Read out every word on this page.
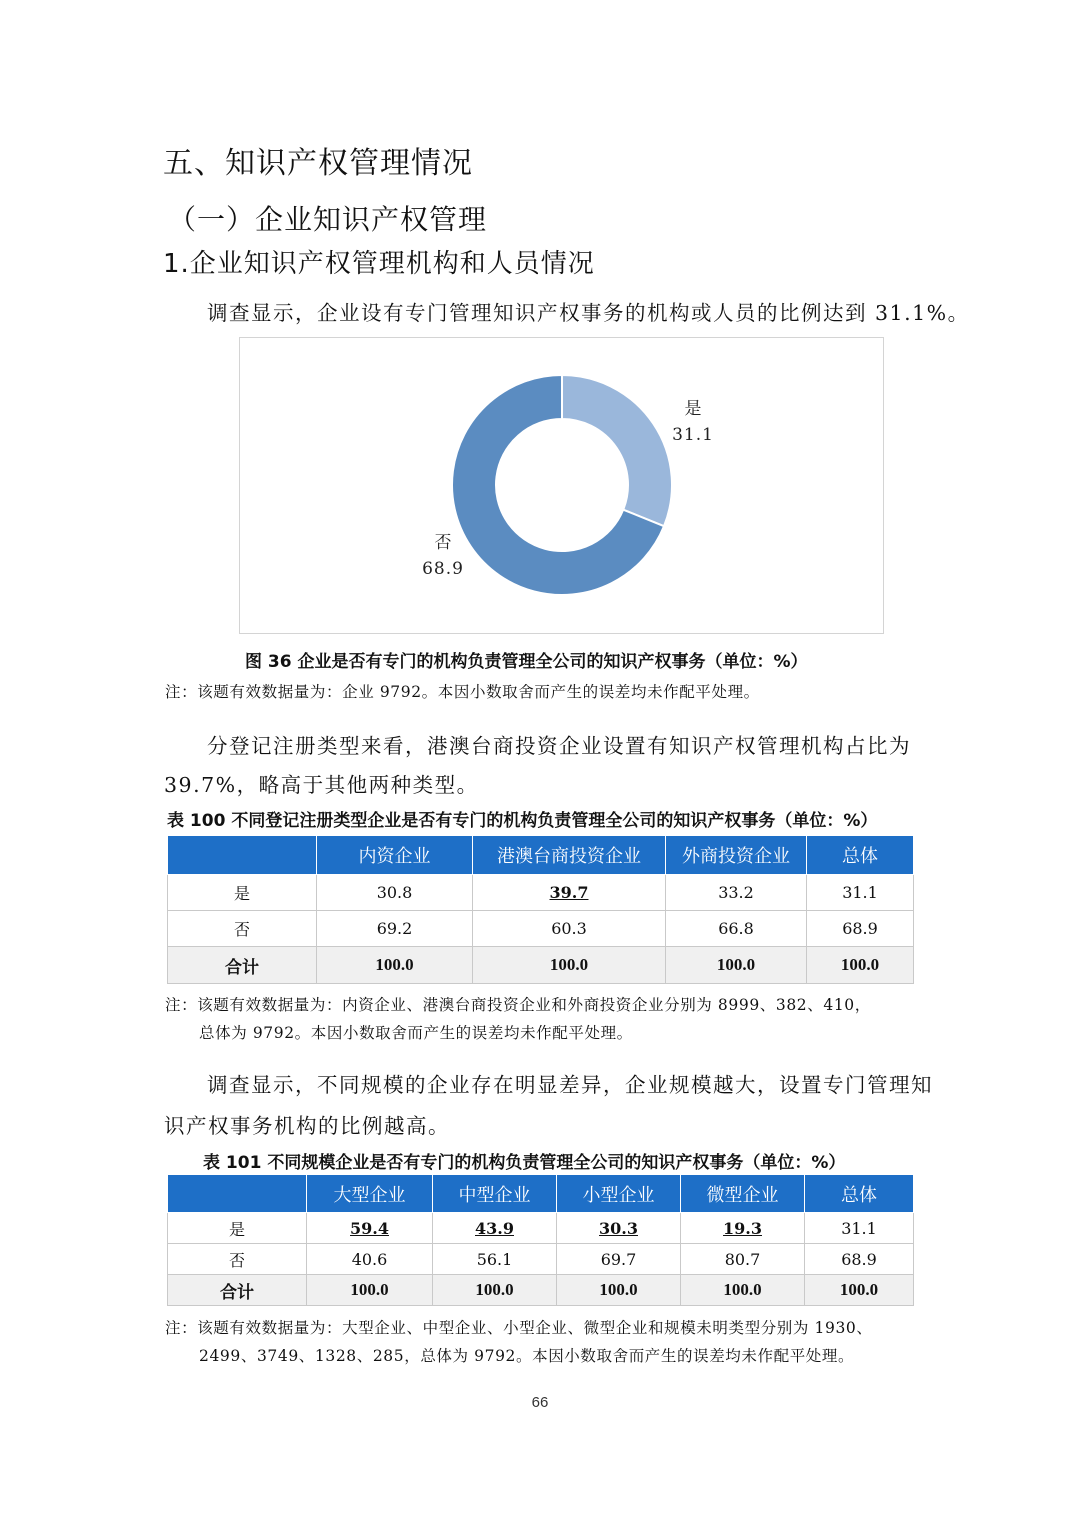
五、知识产权管理情况
（一）企业知识产权管理
1.企业知识产权管理机构和人员情况
调查显示，企业设有专门管理知识产权事务的机构或人员的比例达到 31.1%。
是
31.1
否
68.9
图 36 企业是否有专门的机构负责管理全公司的知识产权事务（单位：%）
注：该题有效数据量为：企业 9792。本因小数取舍而产生的误差均未作配平处理。
分登记注册类型来看，港澳台商投资企业设置有知识产权管理机构占比为
39.7%，略高于其他两种类型。
表 100 不同登记注册类型企业是否有专门的机构负责管理全公司的知识产权事务（单位：%）
	内资企业	港澳台商投资企业	外商投资企业	总体
是	30.8	39.7	33.2	31.1
否	69.2	60.3	66.8	68.9
合计	100.0	100.0	100.0	100.0
注：该题有效数据量为：内资企业、港澳台商投资企业和外商投资企业分别为 8999、382、410，
总体为 9792。本因小数取舍而产生的误差均未作配平处理。
调查显示，不同规模的企业存在明显差异，企业规模越大，设置专门管理知
识产权事务机构的比例越高。
表 101 不同规模企业是否有专门的机构负责管理全公司的知识产权事务（单位：%）
	大型企业	中型企业	小型企业	微型企业	总体
是	59.4	43.9	30.3	19.3	31.1
否	40.6	56.1	69.7	80.7	68.9
合计	100.0	100.0	100.0	100.0	100.0
注：该题有效数据量为：大型企业、中型企业、小型企业、微型企业和规模未明类型分别为 1930、
2499、3749、1328、285，总体为 9792。本因小数取舍而产生的误差均未作配平处理。
66
